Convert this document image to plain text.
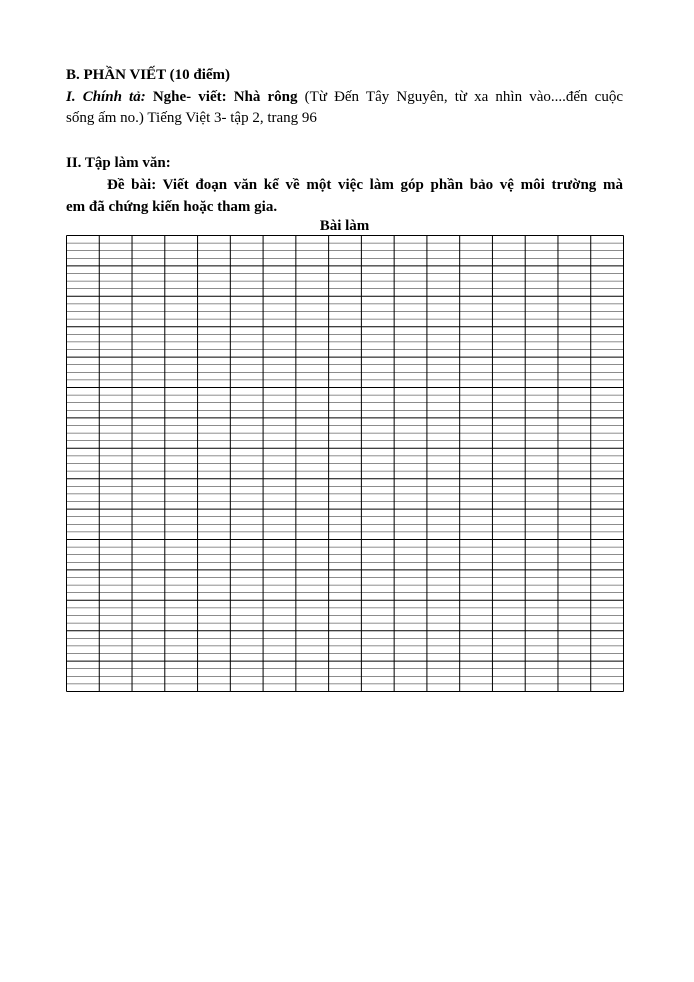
B. PHẦN VIẾT (10 điểm)
I. Chính tả: Nghe- viết: Nhà rông (Từ Đến Tây Nguyên, từ xa nhìn vào....đến cuộc
sống ấm no.) Tiếng Việt 3- tập 2, trang 96
II. Tập làm văn:
Đề bài: Viết đoạn văn kể về một việc làm góp phần bảo vệ môi trường mà
em đã chứng kiến hoặc tham gia.
Bài làm
